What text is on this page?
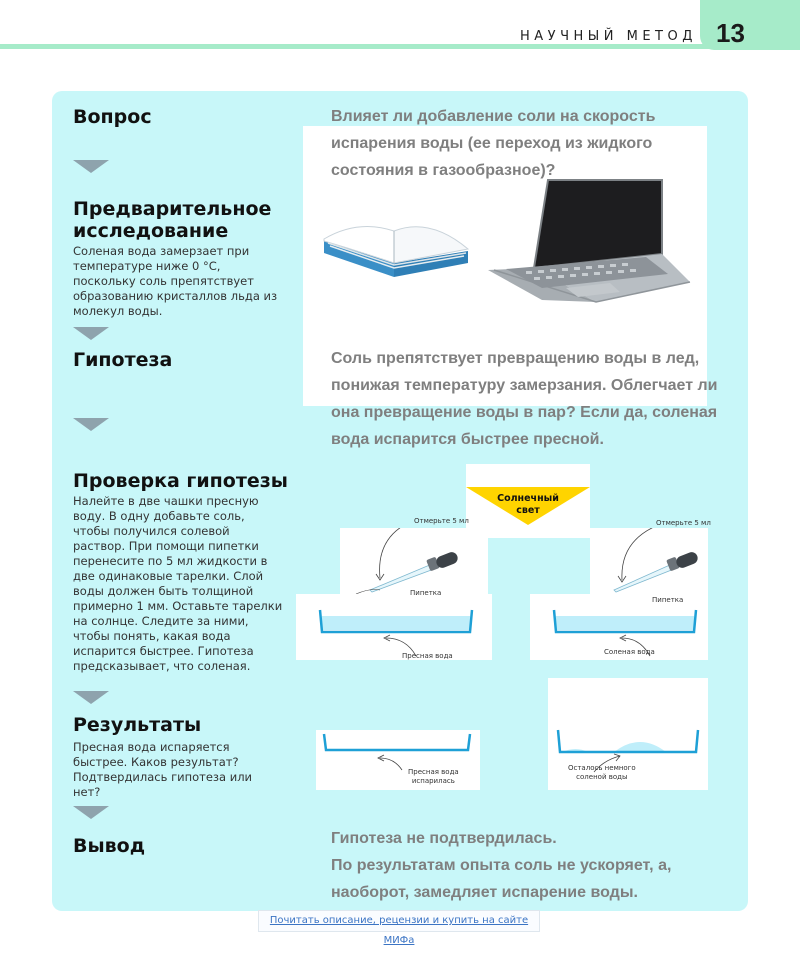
НАУЧНЫЙ МЕТОД 13
Вопрос
Предварительное
исследование
Соленая вода замерзает при температуре ниже 0 °C, поскольку соль препятствует образованию кристаллов льда из молекул воды.
Гипотеза
Проверка гипотезы
Налейте в две чашки пресную воду. В одну добавьте соль, чтобы получился солевой раствор. При помощи пипетки перенесите по 5 мл жидкости в две одинаковые тарелки. Слой воды должен быть толщиной примерно 1 мм. Оставьте тарелки на солнце. Следите за ними, чтобы понять, какая вода испарится быстрее. Гипотеза предсказывает, что соленая.
Результаты
Пресная вода испаряется быстрее. Каков результат? Подтвердилась гипотеза или нет?
Вывод
Влияет ли добавление соли на скорость испарения воды (ее переход из жидкого состояния в газообразное)?
Соль препятствует превращению воды в лед, понижая температуру замерзания. Облегчает ли она превращение воды в пар? Если да, соленая вода испарится быстрее пресной.
Гипотеза не подтвердилась.
По результатам опыта соль не ускоряет, а, наоборот, замедляет испарение воды.
Солнечный
свет
Отмерьте 5 мл
Пипетка
Отмерьте 5 мл
Пипетка
Пресная вода	Соленая вода
Пресная вода
испарилась
Осталось немного
соленой воды
Почитать описание, рецензии и купить на сайте МИФа
